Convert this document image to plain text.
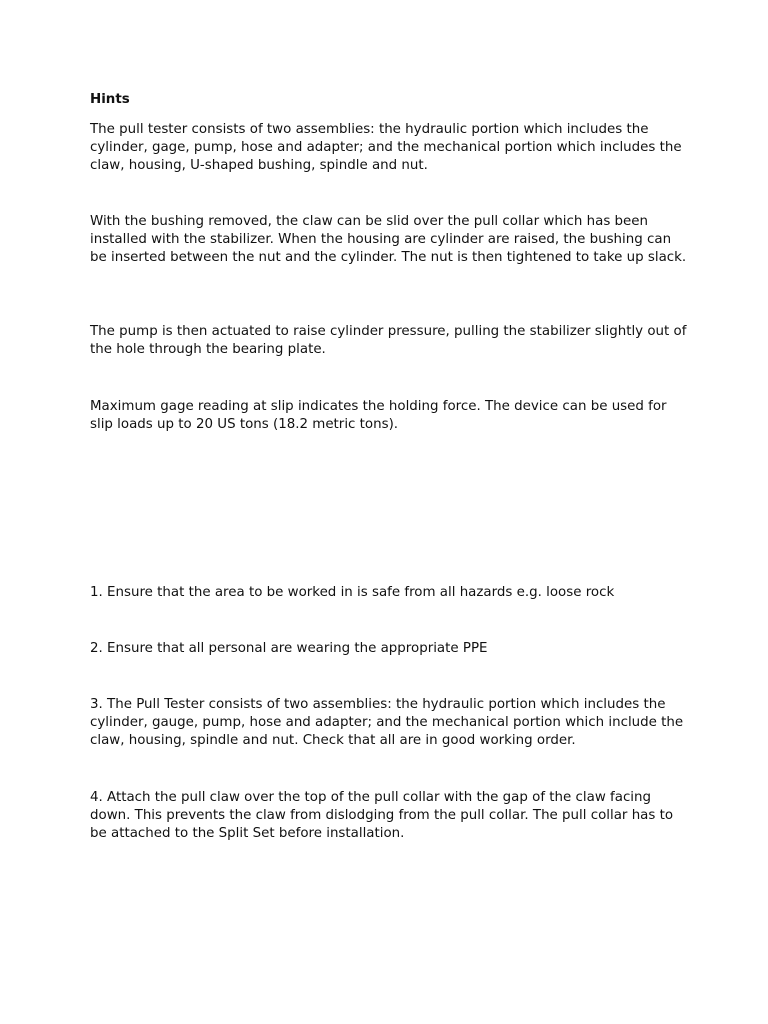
Hints

The pull tester consists of two assemblies: the hydraulic portion which includes the cylinder, gage, pump, hose and adapter; and the mechanical portion which includes the claw, housing, U-shaped bushing, spindle and nut.

With the bushing removed, the claw can be slid over the pull collar which has been installed with the stabilizer. When the housing are cylinder are raised, the bushing can be inserted between the nut and the cylinder. The nut is then tightened to take up slack.

The pump is then actuated to raise cylinder pressure, pulling the stabilizer slightly out of the hole through the bearing plate.

Maximum gage reading at slip indicates the holding force. The device can be used for slip loads up to 20 US tons (18.2 metric tons).

1. Ensure that the area to be worked in is safe from all hazards e.g. loose rock

2. Ensure that all personal are wearing the appropriate PPE

3. The Pull Tester consists of two assemblies: the hydraulic portion which includes the cylinder, gauge, pump, hose and adapter; and the mechanical portion which include the claw, housing, spindle and nut. Check that all are in good working order.

4. Attach the pull claw over the top of the pull collar with the gap of the claw facing down. This prevents the claw from dislodging from the pull collar. The pull collar has to be attached to the Split Set before installation.
